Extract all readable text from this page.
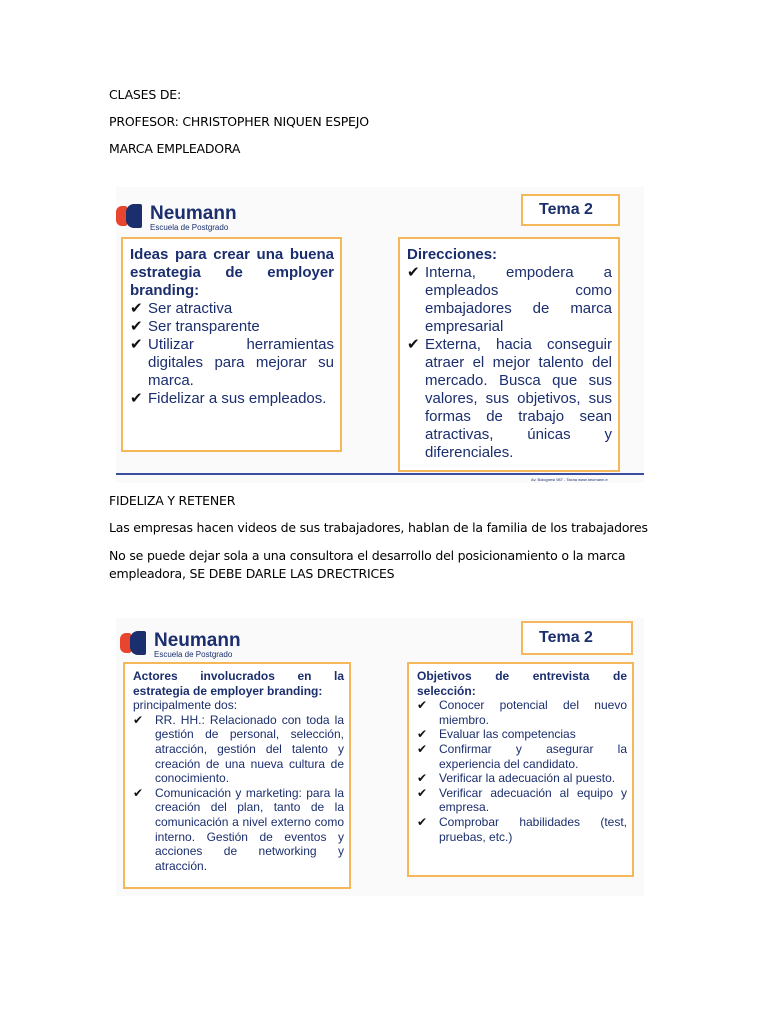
CLASES DE:
PROFESOR: CHRISTOPHER NIQUEN ESPEJO
MARCA EMPLEADORA
Neumann
Escuela de Postgrado
Tema 2

Ideas para crear una buena estrategia de employer branding:

✔ Ser atractiva
✔ Ser transparente
✔ Utilizar herramientas digitales para mejorar su marca.
✔ Fidelizar a sus empleados.

Direcciones:

✔ Interna, empodera a empleados como embajadores de marca empresarial
✔ Externa, hacia conseguir atraer el mejor talento del mercado. Busca que sus valores, sus objetivos, sus formas de trabajo sean atractivas, únicas y diferenciales.
Av. Bolognesi 987 - Tacna www.neumann.e
FIDELIZA Y RETENER
Las empresas hacen videos de sus trabajadores, hablan de la familia de los trabajadores
No se puede dejar sola a una consultora el desarrollo del posicionamiento o la marca empleadora, SE DEBE DARLE LAS DRECTRICES
Neumann
Escuela de Postgrado
Tema 2

Actores involucrados en la estrategia de employer branding:

principalmente dos:

✔ RR. HH.: Relacionado con toda la gestión de personal, selección, atracción, gestión del talento y creación de una nueva cultura de conocimiento.
✔ Comunicación y marketing: para la creación del plan, tanto de la comunicación a nivel externo como interno. Gestión de eventos y acciones de networking y atracción.

Objetivos de entrevista de selección:

✔ Conocer potencial del nuevo miembro.
✔ Evaluar las competencias
✔ Confirmar y asegurar la experiencia del candidato.
✔ Verificar la adecuación al puesto.
✔ Verificar adecuación al equipo y empresa.
✔ Comprobar habilidades (test, pruebas, etc.)
